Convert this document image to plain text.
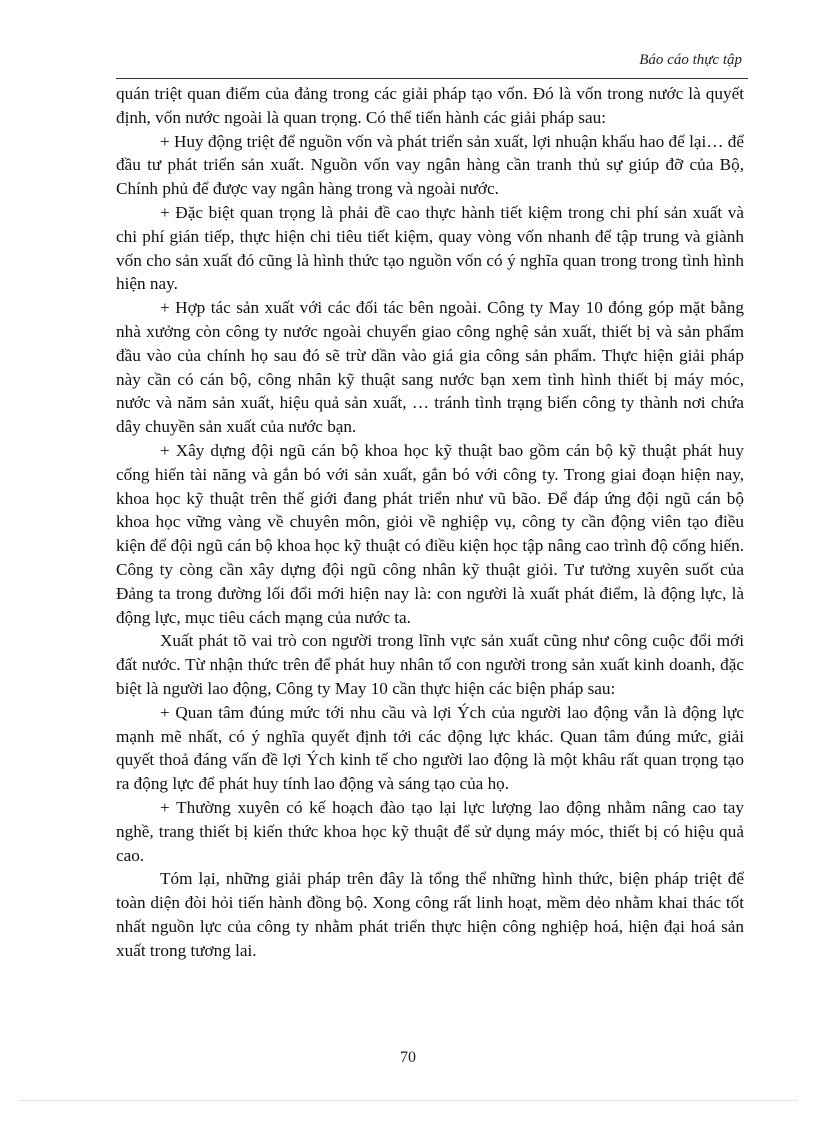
Báo cáo thực tập

quán triệt quan điểm của đảng trong các giải pháp tạo vốn. Đó là vốn trong nước là quyết định, vốn nước ngoài là quan trọng. Có thể tiến hành các giải pháp sau:

+ Huy động triệt để nguồn vốn và phát triển sản xuất, lợi nhuận khấu hao để lại… để đầu tư phát triển sản xuất. Nguồn vốn vay ngân hàng cần tranh thủ sự giúp đỡ của Bộ, Chính phủ để được vay ngân hàng trong và ngoài nước.

+ Đặc biệt quan trọng là phải đề cao thực hành tiết kiệm trong chi phí sản xuất và chi phí gián tiếp, thực hiện chi tiêu tiết kiệm, quay vòng vốn nhanh để tập trung và giành vốn cho sản xuất đó cũng là hình thức tạo nguồn vốn có ý nghĩa quan trong trong tình hình hiện nay.

+ Hợp tác sản xuất với các đối tác bên ngoài. Công ty May 10 đóng góp mặt bằng nhà xưởng còn công ty nước ngoài chuyển giao công nghệ sản xuất, thiết bị và sản phẩm đầu vào của chính họ sau đó sẽ trừ dần vào giá gia công sản phẩm. Thực hiện giải pháp này cần có cán bộ, công nhân kỹ thuật sang nước bạn xem tình hình thiết bị máy móc, nước và năm sản xuất, hiệu quả sản xuất, … tránh tình trạng biến công ty thành nơi chứa dây chuyền sản xuất của nước bạn.

+ Xây dựng đội ngũ cán bộ khoa học kỹ thuật bao gồm cán bộ kỹ thuật phát huy cống hiến tài năng và gắn bó với sản xuất, gắn bó với công ty. Trong giai đoạn hiện nay, khoa học kỹ thuật trên thế giới đang phát triển như vũ bão. Để đáp ứng đội ngũ cán bộ khoa học vững vàng về chuyên môn, giỏi về nghiệp vụ, công ty cần động viên tạo điều kiện để đội ngũ cán bộ khoa học kỹ thuật có điều kiện học tập nâng cao trình độ cống hiến. Công ty còng cần xây dựng đội ngũ công nhân kỹ thuật giỏi. Tư tưởng xuyên suốt của Đảng ta trong đường lối đổi mới hiện nay là: con người là xuất phát điểm, là động lực, là động lực, mục tiêu cách mạng của nước ta.

Xuất phát tõ vai trò con người trong lĩnh vực sản xuất cũng như công cuộc đổi mới đất nước. Từ nhận thức trên để phát huy nhân tố con người trong sản xuất kinh doanh, đặc biệt là người lao động, Công ty May 10 cần thực hiện các biện pháp sau:

+ Quan tâm đúng mức tới nhu cầu và lợi Ých của người lao động vẫn là động lực mạnh mẽ nhất, có ý nghĩa quyết định tới các động lực khác. Quan tâm đúng mức, giải quyết thoả đáng vấn đề lợi Ých kinh tế cho người lao động là một khâu rất quan trọng tạo ra động lực để phát huy tính lao động và sáng tạo của họ.

+ Thường xuyên có kế hoạch đào tạo lại lực lượng lao động nhằm nâng cao tay nghề, trang thiết bị kiến thức khoa học kỹ thuật để sử dụng máy móc, thiết bị có hiệu quả cao.

Tóm lại, những giải pháp trên đây là tổng thể những hình thức, biện pháp triệt để toàn diện đòi hỏi tiến hành đồng bộ. Xong công rất linh hoạt, mềm dẻo nhằm khai thác tốt nhất nguồn lực của công ty nhằm phát triển thực hiện công nghiệp hoá, hiện đại hoá sản xuất trong tương lai.

70
